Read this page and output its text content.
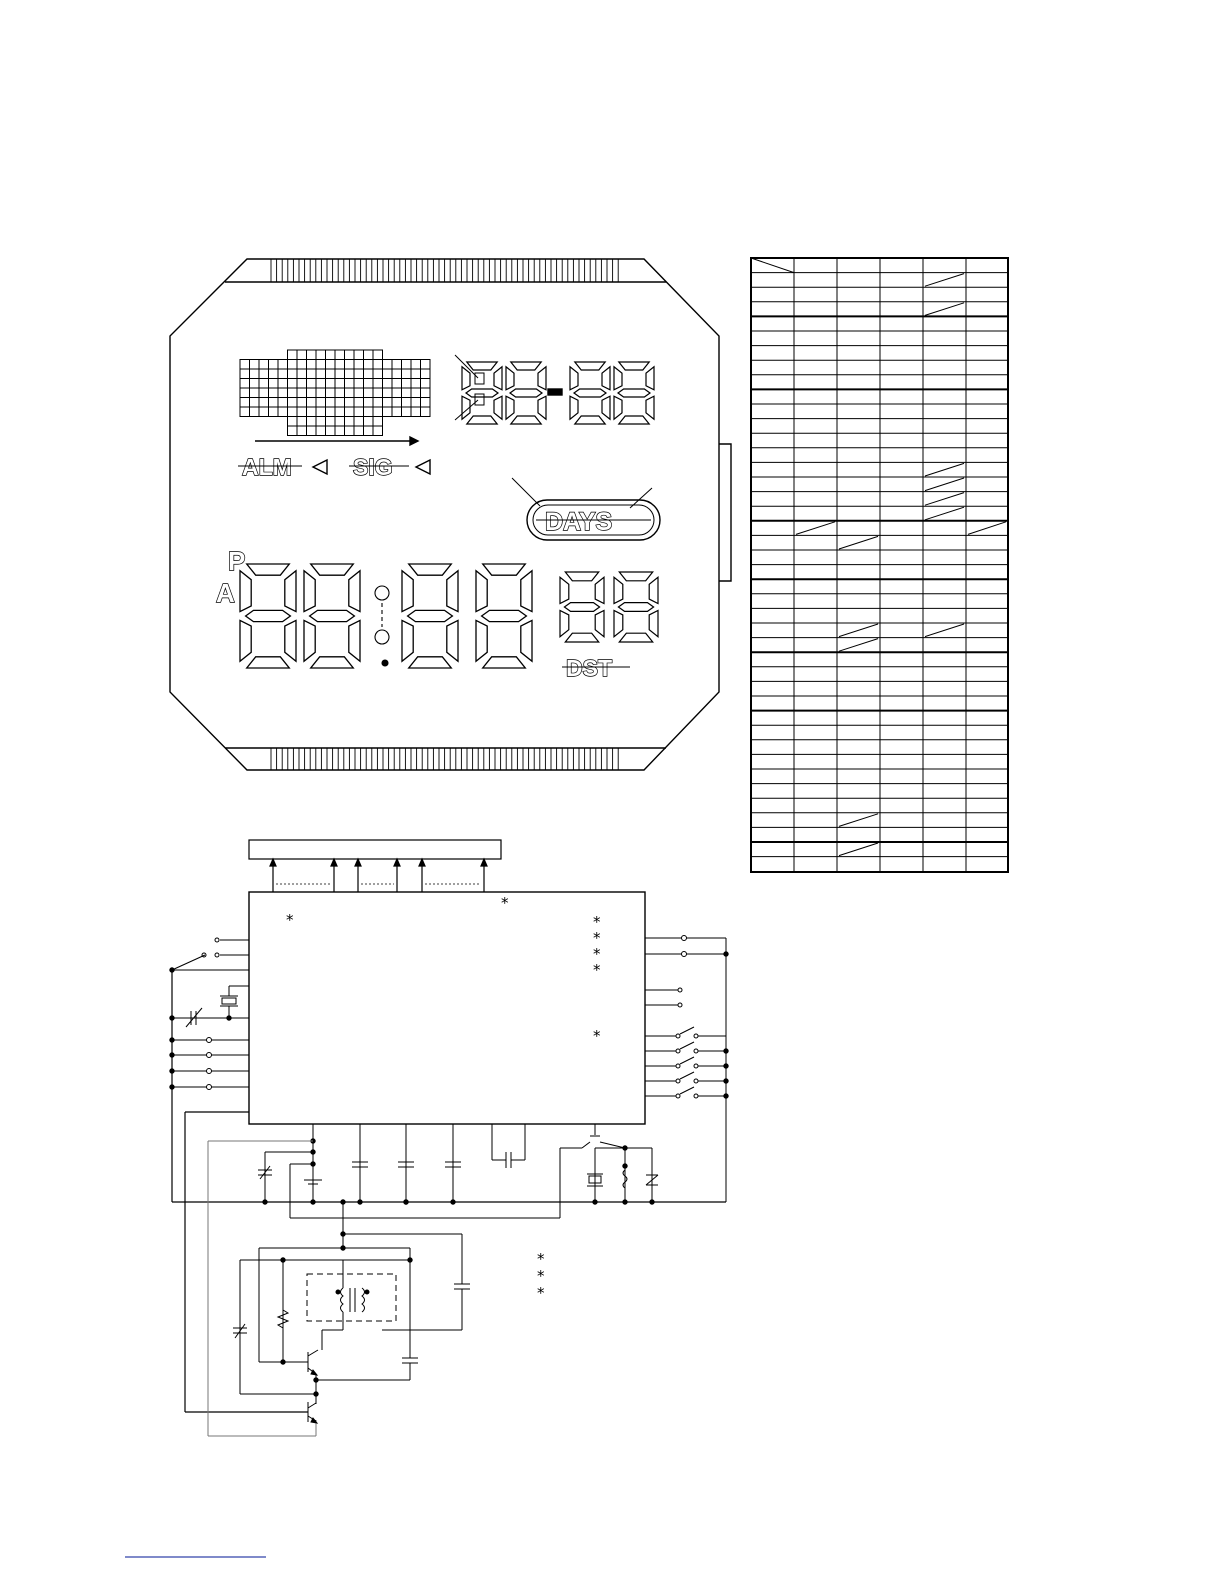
ALM	SIG
DAYS
P
A
DST
*
*
*
*
*
*
*
*
*
*
